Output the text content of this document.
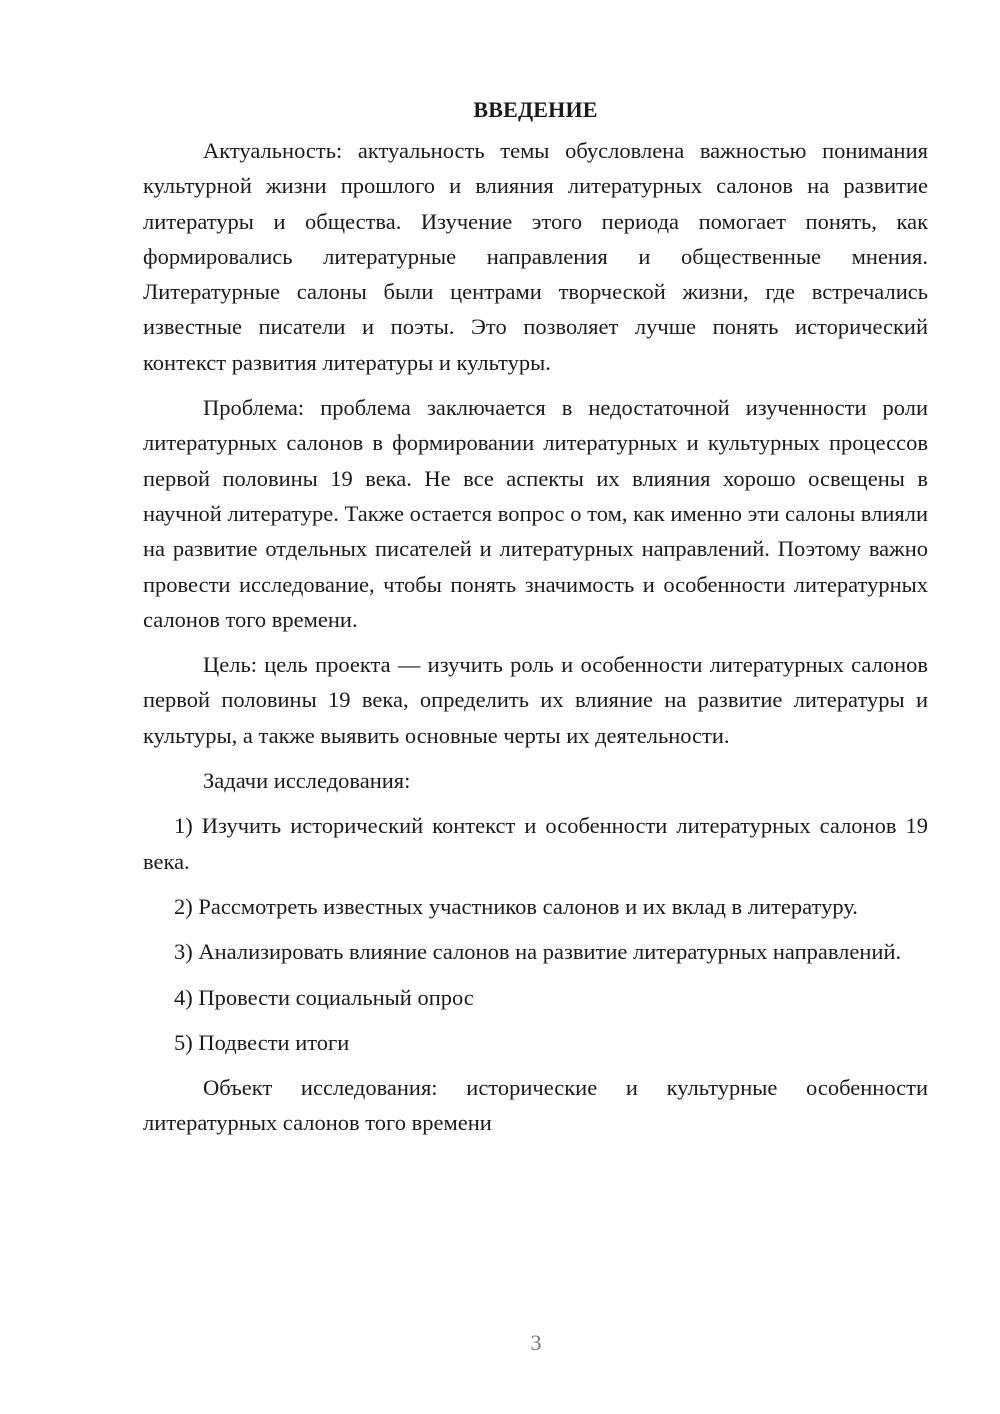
ВВЕДЕНИЕ

Актуальность: актуальность темы обусловлена важностью понимания культурной жизни прошлого и влияния литературных салонов на развитие литературы и общества. Изучение этого периода помогает понять, как формировались литературные направления и общественные мнения. Литературные салоны были центрами творческой жизни, где встречались известные писатели и поэты. Это позволяет лучше понять исторический контекст развития литературы и культуры.

Проблема: проблема заключается в недостаточной изученности роли литературных салонов в формировании литературных и культурных процессов первой половины 19 века. Не все аспекты их влияния хорошо освещены в научной литературе. Также остается вопрос о том, как именно эти салоны влияли на развитие отдельных писателей и литературных направлений. Поэтому важно провести исследование, чтобы понять значимость и особенности литературных салонов того времени.

Цель: цель проекта — изучить роль и особенности литературных салонов первой половины 19 века, определить их влияние на развитие литературы и культуры, а также выявить основные черты их деятельности.

Задачи исследования:

1) Изучить исторический контекст и особенности литературных салонов 19 века.

2) Рассмотреть известных участников салонов и их вклад в литературу.

3) Анализировать влияние салонов на развитие литературных направлений.

4) Провести социальный опрос

5) Подвести итоги

Объект исследования: исторические и культурные особенности литературных салонов того времени

3
